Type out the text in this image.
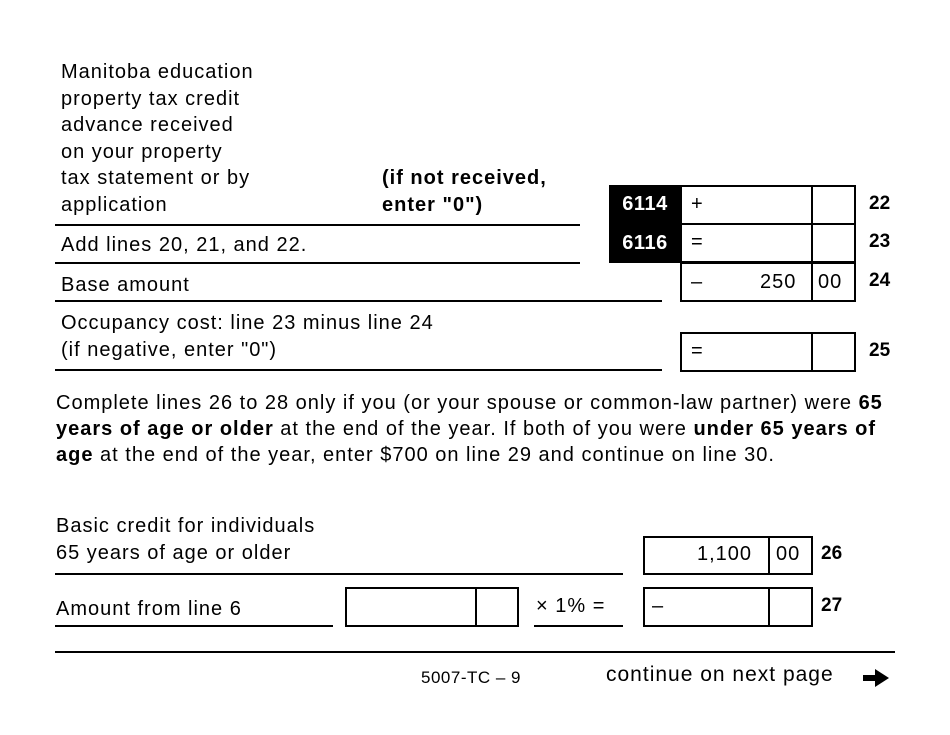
Manitoba education
property tax credit
advance received
on your property
tax statement or by
application
(if not received,
enter "0")	6114	+	22
Add lines 20, 21, and 22.	6116	=	23
Base amount	–	250 00 24
Occupancy cost: line 23 minus line 24
(if negative, enter "0")	=	25
Complete lines 26 to 28 only if you (or your spouse or common-law partner) were 65 years of age or older at the end of the year. If both of you were under 65 years of age at the end of the year, enter $700 on line 29 and continue on line 30.
Basic credit for individuals
65 years of age or older	1,100 00 26
Amount from line 6	× 1% = –	27
5007-TC – 9	continue on next page
